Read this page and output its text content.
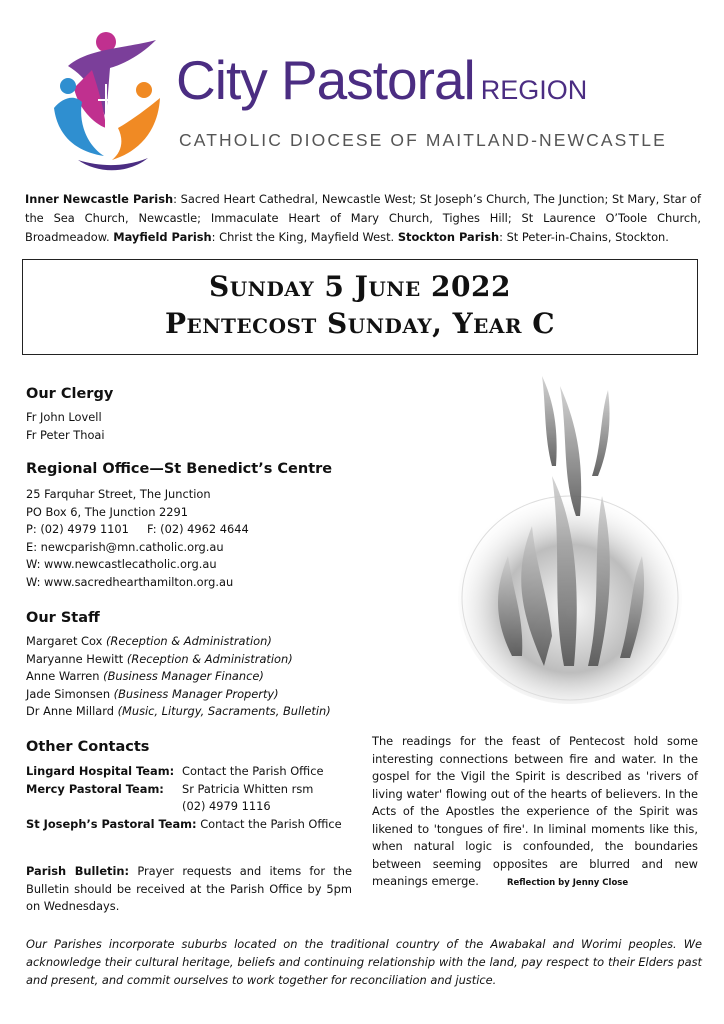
City Pastoral REGION
CATHOLIC DIOCESE OF MAITLAND-NEWCASTLE
Inner Newcastle Parish: Sacred Heart Cathedral, Newcastle West; St Joseph’s Church, The Junction; St Mary, Star of the Sea Church, Newcastle; Immaculate Heart of Mary Church, Tighes Hill; St Laurence O’Toole Church, Broadmeadow. Mayfield Parish: Christ the King, Mayfield West. Stockton Parish: St Peter-in-Chains, Stockton.
Sunday 5 June 2022
Pentecost Sunday, Year C
Our Clergy
Fr John Lovell
Fr Peter Thoai
Regional Office—St Benedict’s Centre
25 Farquhar Street, The Junction
PO Box 6, The Junction 2291
P: (02) 4979 1101     F: (02) 4962 4644
E: newcparish@mn.catholic.org.au
W: www.newcastlecatholic.org.au
W: www.sacredhearthamilton.org.au
Our Staff
Margaret Cox (Reception & Administration)
Maryanne Hewitt (Reception & Administration)
Anne Warren (Business Manager Finance)
Jade Simonsen (Business Manager Property)
Dr Anne Millard (Music, Liturgy, Sacraments, Bulletin)
Other Contacts
Lingard Hospital Team: Contact the Parish Office
Mercy Pastoral Team: Sr Patricia Whitten rsm
(02) 4979 1116
St Joseph’s Pastoral Team: Contact the Parish Office
Parish Bulletin: Prayer requests and items for the Bulletin should be received at the Parish Office by 5pm on Wednesdays.
The readings for the feast of Pentecost hold some interesting connections between fire and water. In the gospel for the Vigil the Spirit is described as 'rivers of living water' flowing out of the hearts of believers. In the Acts of the Apostles the experience of the Spirit was likened to 'tongues of fire'. In liminal moments like this, when natural logic is confounded, the boundaries between seeming opposites are blurred and new meanings emerge.	Reflection by Jenny Close
Our Parishes incorporate suburbs located on the traditional country of the Awabakal and Worimi peoples. We acknowledge their cultural heritage, beliefs and continuing relationship with the land, pay respect to their Elders past and present, and commit ourselves to work together for reconciliation and justice.
